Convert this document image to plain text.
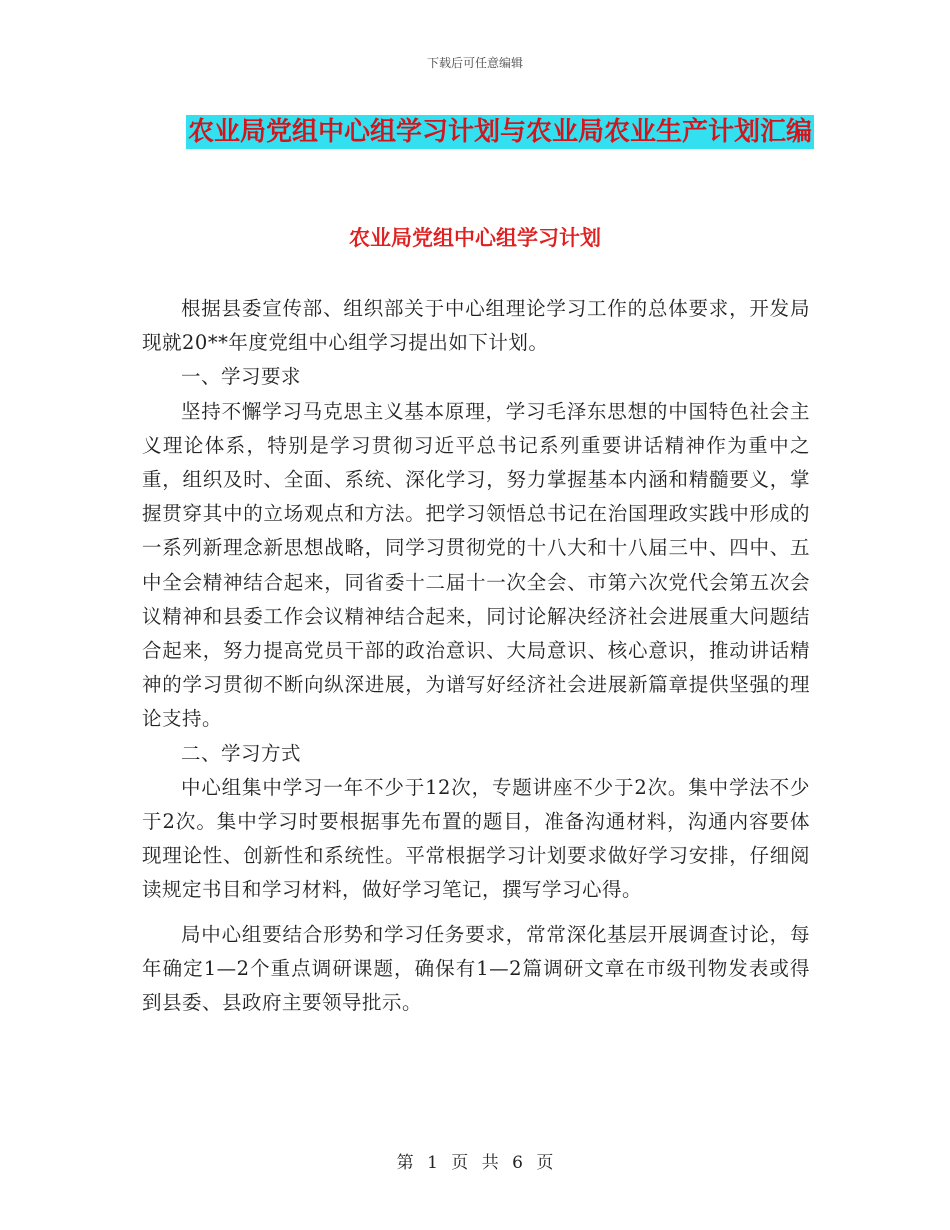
下载后可任意编辑
农业局党组中心组学习计划与农业局农业生产计划汇编
农业局党组中心组学习计划

根据县委宣传部、组织部关于中心组理论学习工作的总体要求，开发局现就20**年度党组中心组学习提出如下计划。

一、学习要求

坚持不懈学习马克思主义基本原理，学习毛泽东思想的中国特色社会主义理论体系，特别是学习贯彻习近平总书记系列重要讲话精神作为重中之重，组织及时、全面、系统、深化学习，努力掌握基本内涵和精髓要义，掌握贯穿其中的立场观点和方法。把学习领悟总书记在治国理政实践中形成的一系列新理念新思想战略，同学习贯彻党的十八大和十八届三中、四中、五中全会精神结合起来，同省委十二届十一次全会、市第六次党代会第五次会议精神和县委工作会议精神结合起来，同讨论解决经济社会进展重大问题结合起来，努力提高党员干部的政治意识、大局意识、核心意识，推动讲话精神的学习贯彻不断向纵深进展，为谱写好经济社会进展新篇章提供坚强的理论支持。

二、学习方式

中心组集中学习一年不少于12次，专题讲座不少于2次。集中学法不少于2次。集中学习时要根据事先布置的题目，准备沟通材料，沟通内容要体现理论性、创新性和系统性。平常根据学习计划要求做好学习安排，仔细阅读规定书目和学习材料，做好学习笔记，撰写学习心得。

局中心组要结合形势和学习任务要求，常常深化基层开展调查讨论，每年确定1—2个重点调研课题，确保有1—2篇调研文章在市级刊物发表或得到县委、县政府主要领导批示。

第 1 页 共 6 页
